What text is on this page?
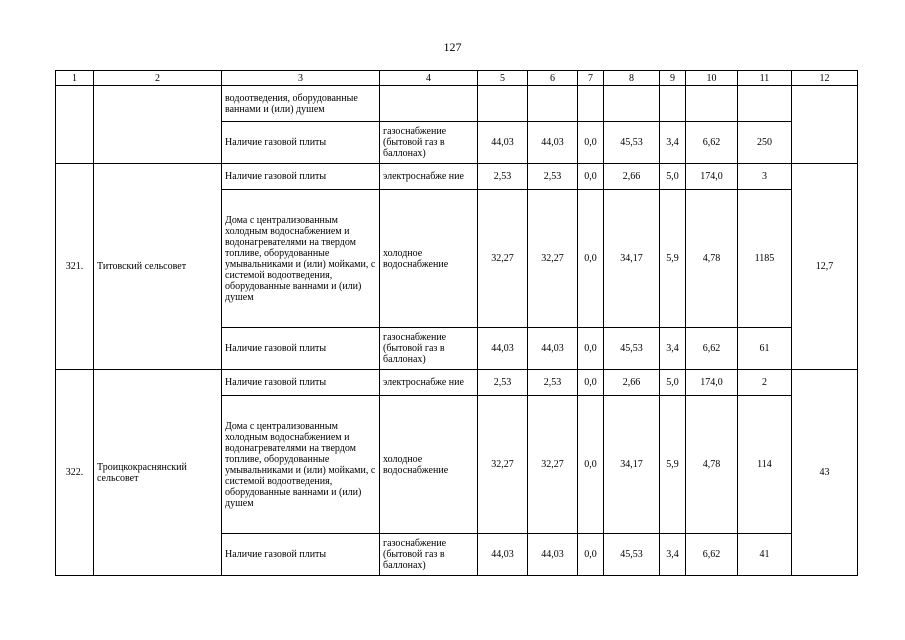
127
1	2	3	4	5	6	7	8	9	10	11	12
		водоотведения, оборудованные ваннами и (или) душем									
		Наличие газовой плиты	газоснабжение (бытовой газ в баллонах)	44,03	44,03	0,0	45,53	3,4	6,62	250	
321.	Титовский сельсовет	Наличие газовой плиты	электроснабже ние	2,53	2,53	0,0	2,66	5,0	174,0	3	12,7
		Дома с централизованным холодным водоснабжением и водонагревателями на твердом топливе, оборудованные умывальниками и (или) мойками, с системой водоотведения, оборудованные ваннами и (или) душем	холодное водоснабжение	32,27	32,27	0,0	34,17	5,9	4,78	1185	
		Наличие газовой плиты	газоснабжение (бытовой газ в баллонах)	44,03	44,03	0,0	45,53	3,4	6,62	61	
322.	Троицкокраснянский сельсовет	Наличие газовой плиты	электроснабже ние	2,53	2,53	0,0	2,66	5,0	174,0	2	43
		Дома с централизованным холодным водоснабжением и водонагревателями на твердом топливе, оборудованные умывальниками и (или) мойками, с системой водоотведения, оборудованные ваннами и (или) душем	холодное водоснабжение	32,27	32,27	0,0	34,17	5,9	4,78	114	
		Наличие газовой плиты	газоснабжение (бытовой газ в баллонах)	44,03	44,03	0,0	45,53	3,4	6,62	41	
